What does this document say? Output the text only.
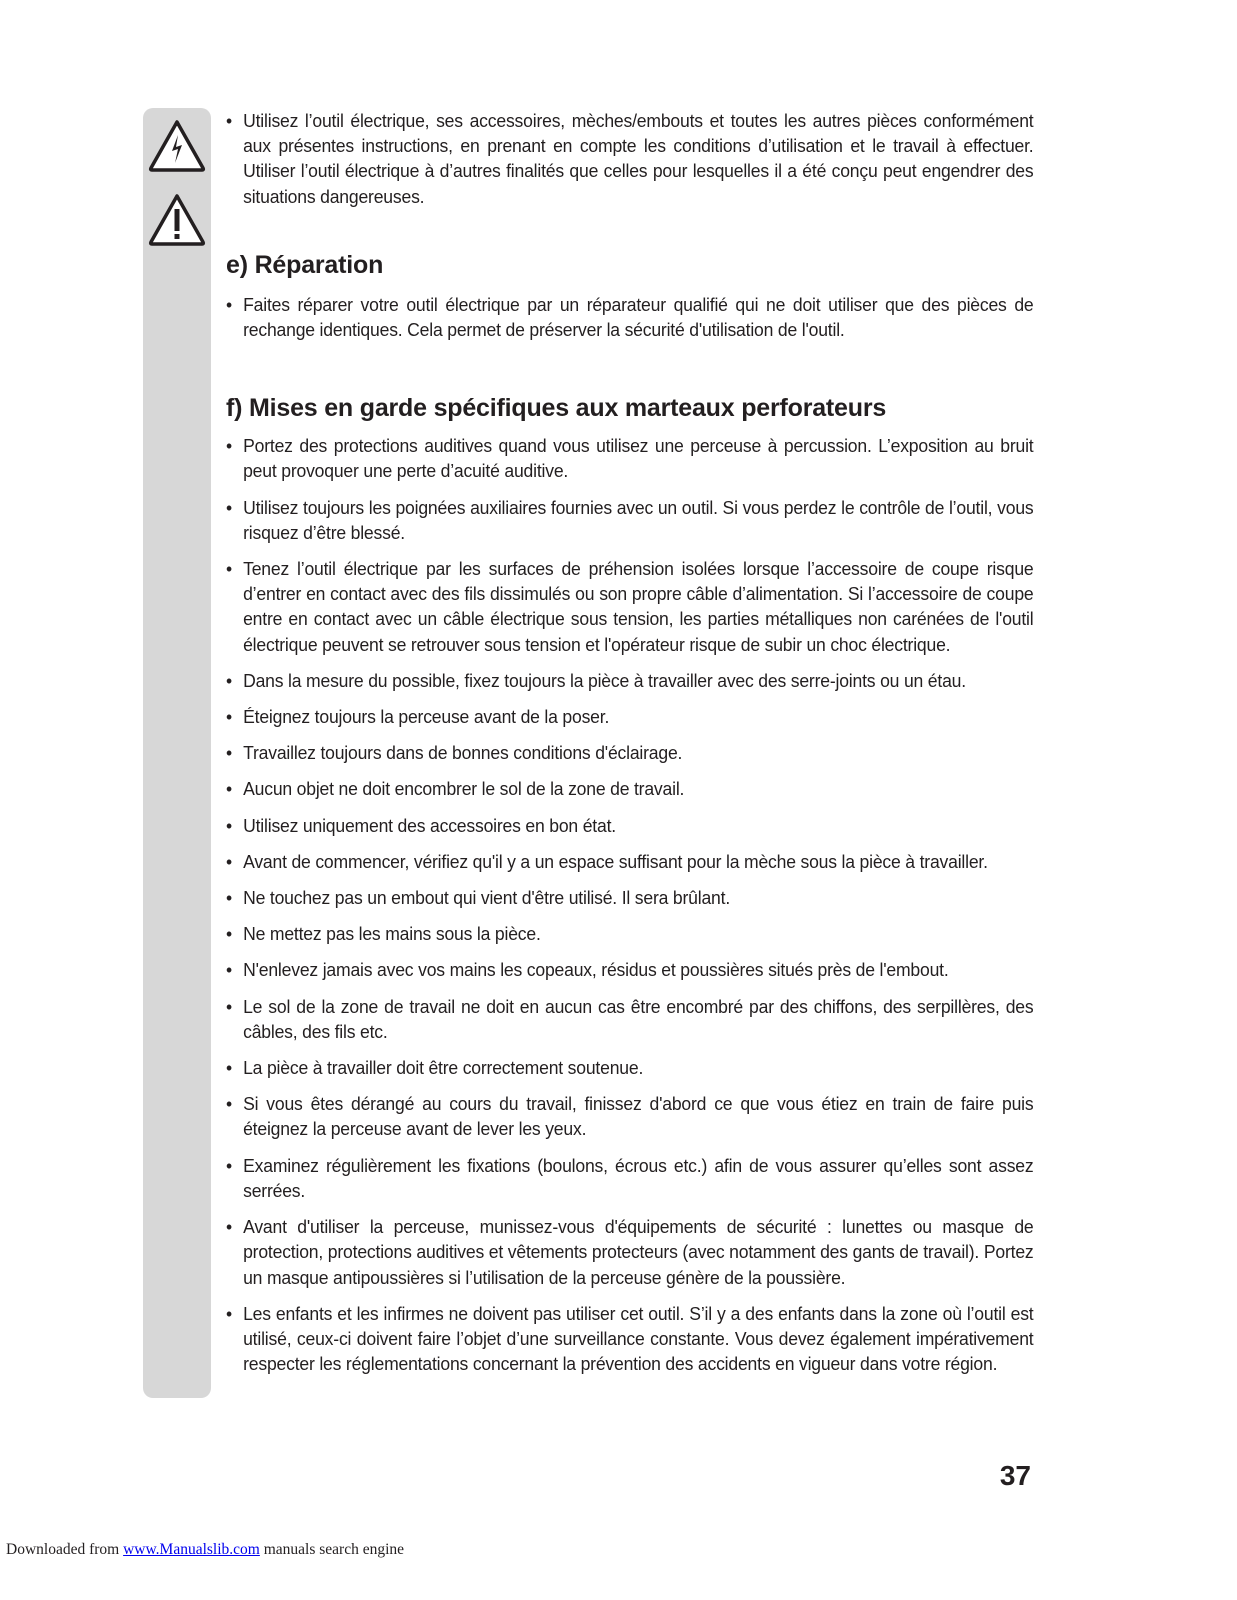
• Utilisez l’outil électrique, ses accessoires, mèches/embouts et toutes les autres pièces conformément aux présentes instructions, en prenant en compte les conditions d’utilisation et le travail à effectuer. Utiliser l’outil électrique à d’autres finalités que celles pour lesquelles il a été conçu peut engendrer des situations dangereuses.
e) Réparation
• Faites réparer votre outil électrique par un réparateur qualifié qui ne doit utiliser que des pièces de rechange identiques. Cela permet de préserver la sécurité d'utilisation de l'outil.
f) Mises en garde spécifiques aux marteaux perforateurs
• Portez des protections auditives quand vous utilisez une perceuse à percussion. L’exposition au bruit peut provoquer une perte d’acuité auditive.
• Utilisez toujours les poignées auxiliaires fournies avec un outil. Si vous perdez le contrôle de l’outil, vous risquez d’être blessé.
• Tenez l’outil électrique par les surfaces de préhension isolées lorsque l’accessoire de coupe risque d’entrer en contact avec des fils dissimulés ou son propre câble d’alimentation. Si l’accessoire de coupe entre en contact avec un câble électrique sous tension, les parties métalliques non carénées de l'outil électrique peuvent se retrouver sous tension et l'opérateur risque de subir un choc électrique.
• Dans la mesure du possible, fixez toujours la pièce à travailler avec des serre-joints ou un étau.
• Éteignez toujours la perceuse avant de la poser.
• Travaillez toujours dans de bonnes conditions d'éclairage.
• Aucun objet ne doit encombrer le sol de la zone de travail.
• Utilisez uniquement des accessoires en bon état.
• Avant de commencer, vérifiez qu'il y a un espace suffisant pour la mèche sous la pièce à travailler.
• Ne touchez pas un embout qui vient d'être utilisé. Il sera brûlant.
• Ne mettez pas les mains sous la pièce.
• N'enlevez jamais avec vos mains les copeaux, résidus et poussières situés près de l'embout.
• Le sol de la zone de travail ne doit en aucun cas être encombré par des chiffons, des serpillères, des câbles, des fils etc.
• La pièce à travailler doit être correctement soutenue.
• Si vous êtes dérangé au cours du travail, finissez d'abord ce que vous étiez en train de faire puis éteignez la perceuse avant de lever les yeux.
• Examinez régulièrement les fixations (boulons, écrous etc.) afin de vous assurer qu’elles sont assez serrées.
• Avant d'utiliser la perceuse, munissez-vous d'équipements de sécurité : lunettes ou masque de protection, protections auditives et vêtements protecteurs (avec notamment des gants de travail). Portez un masque antipoussières si l’utilisation de la perceuse génère de la poussière.
• Les enfants et les infirmes ne doivent pas utiliser cet outil. S’il y a des enfants dans la zone où l’outil est utilisé, ceux-ci doivent faire l’objet d’une surveillance constante. Vous devez également impérativement respecter les réglementations concernant la prévention des accidents en vigueur dans votre région.
37
Downloaded from www.Manualslib.com manuals search engine
